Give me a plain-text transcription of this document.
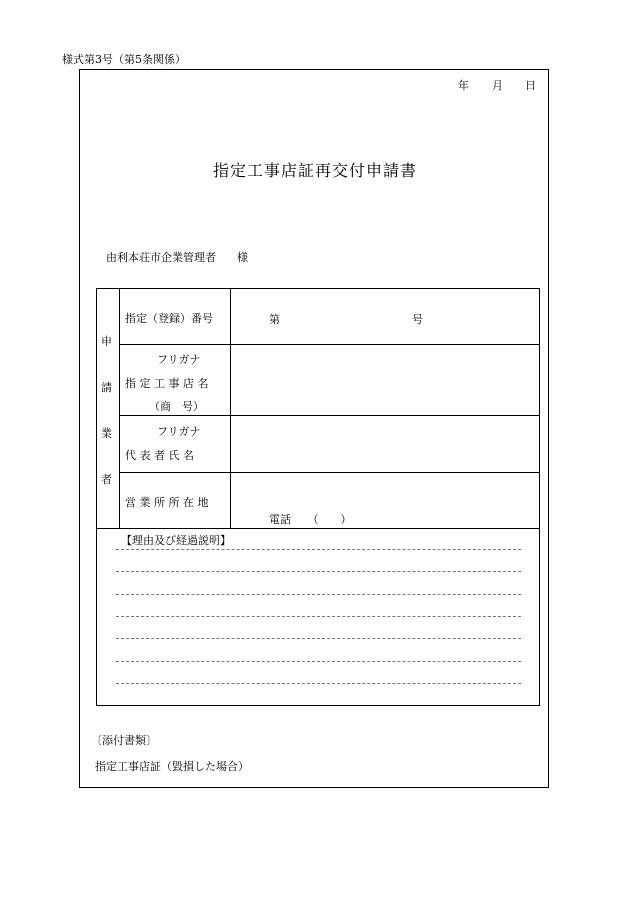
様式第3号（第5条関係）
年 月 日
指定工事店証再交付申請書
由利本荘市企業管理者 様
申
請
業
者
指定（登録）番号	第	号
フリガナ
指 定 工 事 店 名
（商　号）
フリガナ
代 表 者 氏 名
営 業 所 所 在 地
電話　　（　　）
【理由及び経過説明】
〔添付書類〕
指定工事店証（毀損した場合）
